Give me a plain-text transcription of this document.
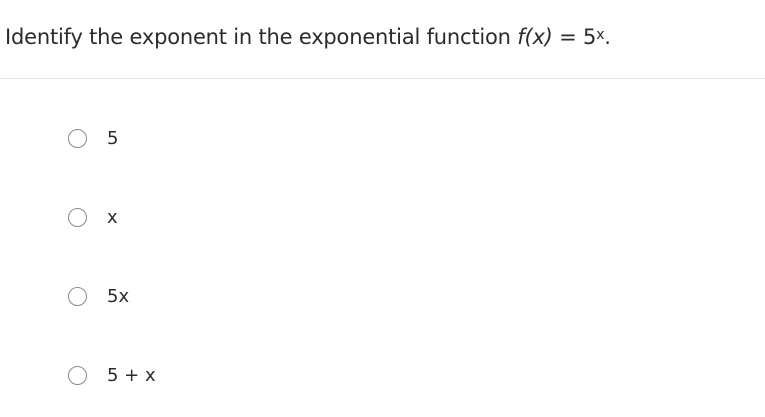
Identify the exponent in the exponential function $f(x) = 5^x$.
5
x
5x
5 + x
